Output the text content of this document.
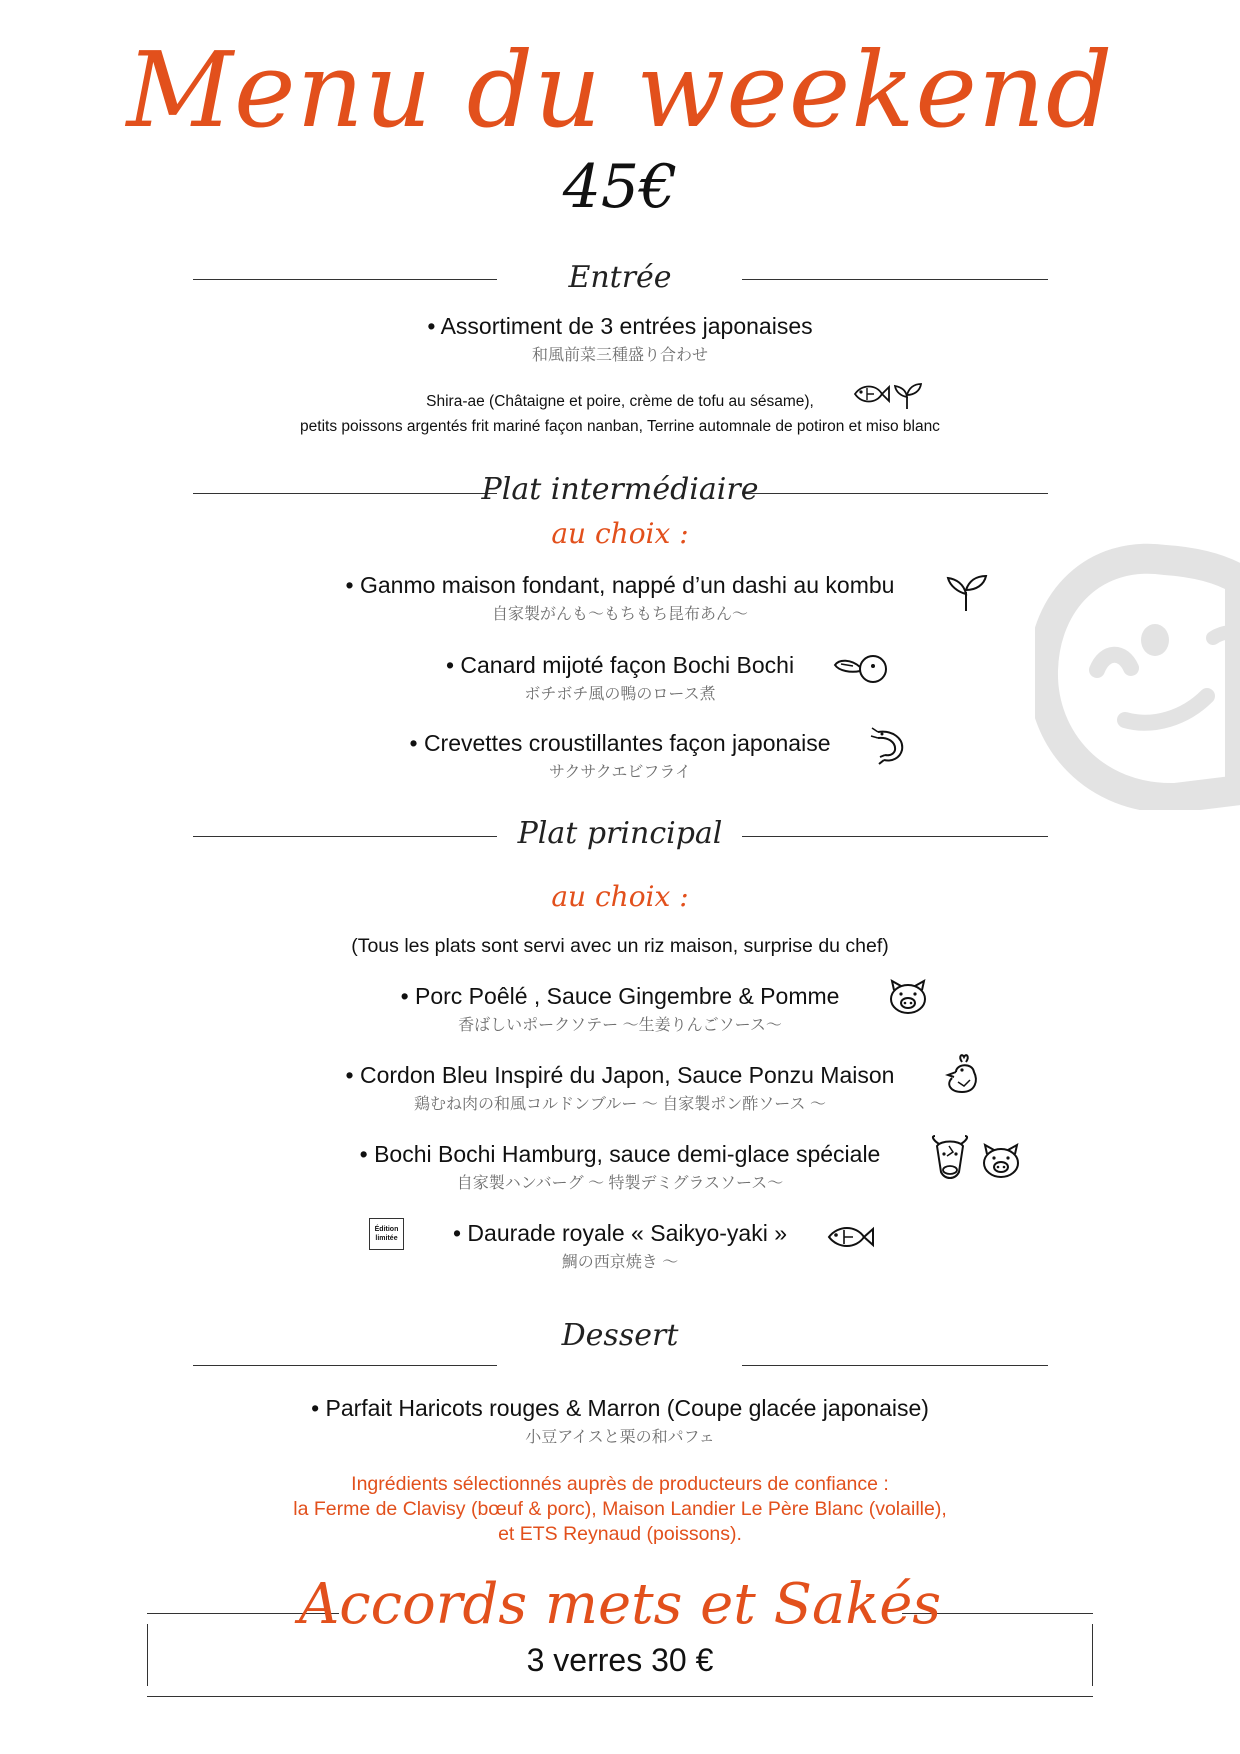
Menu du weekend
45€
Entrée
• Assortiment de 3 entrées japonaises
和風前菜三種盛り合わせ
Shira-ae (Châtaigne et poire, crème de tofu au sésame),
petits poissons argentés frit mariné façon nanban, Terrine automnale de potiron et miso blanc
Plat intermédiaire
au choix :
• Ganmo maison fondant, nappé d’un dashi au kombu
自家製がんも〜もちもち昆布あん〜
• Canard mijoté façon Bochi Bochi
ボチボチ風の鴨のロース煮
• Crevettes croustillantes façon japonaise
サクサクエビフライ
Plat principal
au choix :
(Tous les plats sont servi avec un riz maison, surprise du chef)
• Porc Poêlé , Sauce Gingembre & Pomme
香ばしいポークソテー 〜生姜りんごソース〜
• Cordon Bleu Inspiré du Japon, Sauce Ponzu Maison
鶏むね肉の和風コルドンブルー 〜 自家製ポン酢ソース 〜
• Bochi Bochi Hamburg, sauce demi-glace spéciale
自家製ハンバーグ 〜 特製デミグラスソース〜
Édition
limitée	• Daurade royale « Saikyo-yaki »
鯛の西京焼き 〜
Dessert
• Parfait Haricots rouges & Marron (Coupe glacée japonaise)
小豆アイスと栗の和パフェ
Ingrédients sélectionnés auprès de producteurs de confiance :
la Ferme de Clavisy (bœuf & porc), Maison Landier Le Père Blanc (volaille),
et ETS Reynaud (poissons).
Accords mets et Sakés
3 verres 30 €
